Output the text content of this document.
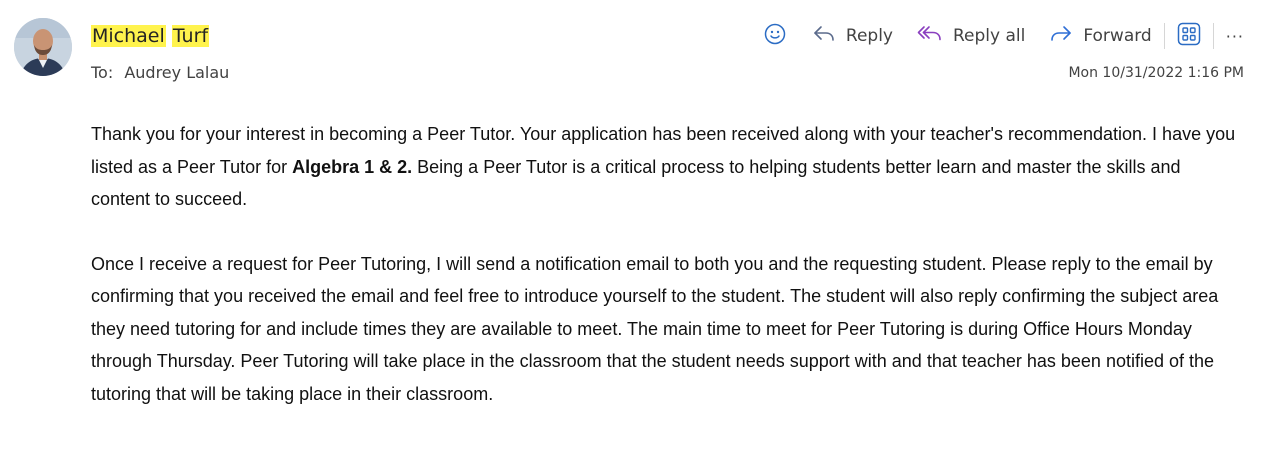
Michael Turf
To: Audrey Lalau
Reply	Reply all	Forward	···
Mon 10/31/2022 1:16 PM

Thank you for your interest in becoming a Peer Tutor. Your application has been received along with your teacher's recommendation. I have you listed as a Peer Tutor for Algebra 1 & 2. Being a Peer Tutor is a critical process to helping students better learn and master the skills and content to succeed.

Once I receive a request for Peer Tutoring, I will send a notification email to both you and the requesting student. Please reply to the email by confirming that you received the email and feel free to introduce yourself to the student. The student will also reply confirming the subject area they need tutoring for and include times they are available to meet. The main time to meet for Peer Tutoring is during Office Hours Monday through Thursday. Peer Tutoring will take place in the classroom that the student needs support with and that teacher has been notified of the tutoring that will be taking place in their classroom.
